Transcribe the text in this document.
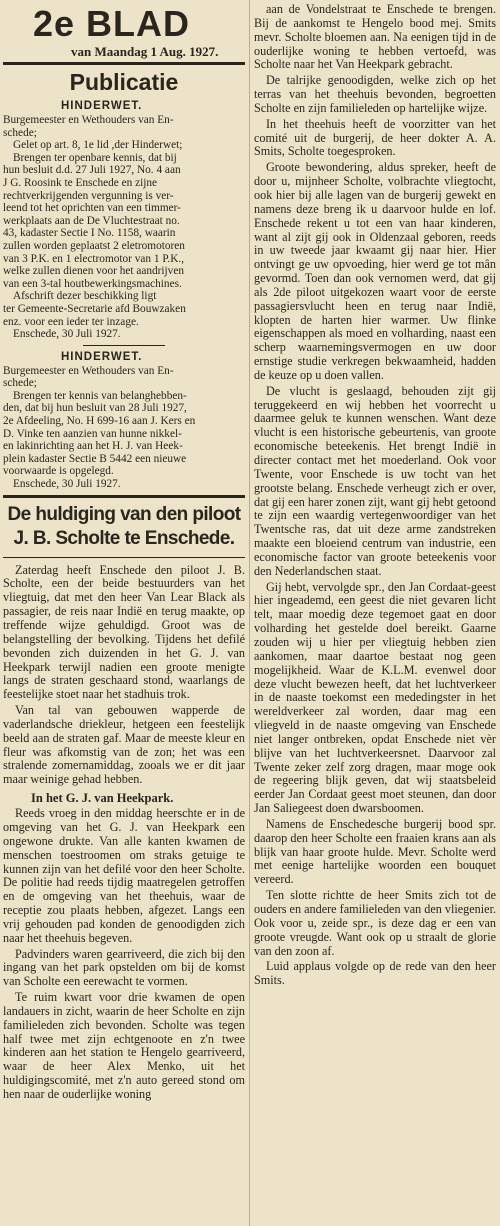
2e BLAD
van Maandag 1 Aug. 1927.
Publicatie
HINDERWET.

Burgemeester en Wethouders van En-

schede;

Gelet op art. 8, 1e lid ,der Hinderwet;

Brengen ter openbare kennis, dat bij

hun besluit d.d. 27 Juli 1927, No. 4 aan

J G. Roosink te Enschede en zijne

rechtverkrijgenden vergunning is ver-

leend tot het oprichten van een timmer-

werkplaats aan de De Vluchtestraat no.

43, kadaster Sectie I No. 1158, waarin

zullen worden geplaatst 2 eletromotoren

van 3 P.K. en 1 electromotor van 1 P.K.,

welke zullen dienen voor het aandrijven

van een 3-tal houtbewerkingsmachines.

Afschrift dezer beschikking ligt

ter Gemeente-Secretarie afd Bouwzaken

enz. voor een ieder ter inzage.

Enschede, 30 Juli 1927.

HINDERWET.

Burgemeester en Wethouders van En-

schede;

Brengen ter kennis van belanghebben-

den, dat bij hun besluit van 28 Juli 1927,

2e Afdeeling, No. H 699-16 aan J. Kers en

D. Vinke ten aanzien van hunne nikkel-

en lakinrichting aan het H. J. van Heek-

plein kadaster Sectie B 5442 een nieuwe

voorwaarde is opgelegd.

Enschede, 30 Juli 1927.

De huldiging van den piloot
J. B. Scholte te Enschede.

Zaterdag heeft Enschede den piloot J. B. Scholte, een der beide bestuurders van het vliegtuig, dat met den heer Van Lear Black als passagier, de reis naar Indië en terug maakte, op treffende wijze gehuldigd. Groot was de belangstelling der bevolking. Tijdens het defilé bevonden zich duizenden in het G. J. van Heekpark terwijl nadien een groote menigte langs de straten geschaard stond, waarlangs de feestelijke stoet naar het stadhuis trok.

Van tal van gebouwen wapperde de vaderlandsche driekleur, hetgeen een feestelijk beeld aan de straten gaf. Maar de meeste kleur en fleur was afkomstig van de zon; het was een stralende zomernamiddag, zooals we er dit jaar maar weinige gehad hebben.

In het G. J. van Heekpark.

Reeds vroeg in den middag heerschte er in de omgeving van het G. J. van Heekpark een ongewone drukte. Van alle kanten kwamen de menschen toestroomen om straks getuige te kunnen zijn van het defilé voor den heer Scholte. De politie had reeds tijdig maatregelen getroffen en de omgeving van het theehuis, waar de receptie zou plaats hebben, afgezet. Langs een vrij gehouden pad konden de genoodigden zich naar het theehuis begeven.

Padvinders waren gearriveerd, die zich bij den ingang van het park opstelden om bij de komst van Scholte een eerewacht te vormen.

Te ruim kwart voor drie kwamen de open landauers in zicht, waarin de heer Scholte en zijn familieleden zich bevonden. Scholte was tegen half twee met zijn echtgenoote en z'n twee kinderen aan het station te Hengelo gearriveerd, waar de heer Alex Menko, uit het huldigingscomité, met z'n auto gereed stond om hen naar de ouderlijke woning

aan de Vondelstraat te Enschede te brengen. Bij de aankomst te Hengelo bood mej. Smits mevr. Scholte bloemen aan. Na eenigen tijd in de ouderlijke woning te hebben vertoefd, was Scholte naar het Van Heekpark gebracht.

De talrijke genoodigden, welke zich op het terras van het theehuis bevonden, begroetten Scholte en zijn familieleden op hartelijke wijze.

In het theehuis heeft de voorzitter van het comité uit de burgerij, de heer dokter A. A. Smits, Scholte toegesproken.

Groote bewondering, aldus spreker, heeft de door u, mijnheer Scholte, volbrachte vliegtocht, ook hier bij alle lagen van de burgerij gewekt en namens deze breng ik u daarvoor hulde en lof. Enschede rekent u tot een van haar kinderen, want al zijt gij ook in Oldenzaal geboren, reeds in uw tweede jaar kwaamt gij naar hier. Hier ontvingt ge uw opvoeding, hier werd ge tot mân gevormd. Toen dan ook vernomen werd, dat gij als 2de piloot uitgekozen waart voor de eerste passagiersvlucht heen en terug naar Indië, klopten de harten hier warmer. Uw flinke eigenschappen als moed en volharding, naast een scherp waarnemingsvermogen en uw door ernstige studie verkregen bekwaamheid, hadden de keuze op u doen vallen.

De vlucht is geslaagd, behouden zijt gij teruggekeerd en wij hebben het voorrecht u daarmee geluk te kunnen wenschen. Want deze vlucht is een historische gebeurtenis, van groote economische beteekenis. Het brengt Indië in directer contact met het moederland. Ook voor Twente, voor Enschede is uw tocht van het grootste belang. Enschede verheugt zich er over, dat gij een harer zonen zijt, want gij hebt getoond te zijn een waardig vertegenwoordiger van het Twentsche ras, dat uit deze arme zandstreken maakte een bloeiend centrum van industrie, een economische factor van groote beteekenis voor den Nederlandschen staat.

Gij hebt, vervolgde spr., den Jan Cordaat-geest hier ingeademd, een geest die niet gevaren licht telt, maar moedig deze tegemoet gaat en door volharding het gestelde doel bereikt. Gaarne zouden wij u hier per vliegtuig hebben zien aankomen, maar daartoe bestaat nog geen mogelijkheid. Waar de K.L.M. evenwel door deze vlucht bewezen heeft, dat het luchtverkeer in de naaste toekomst een mededingster in het wereldverkeer zal worden, daar mag een vliegveld in de naaste omgeving van Enschede niet langer ontbreken, opdat Enschede niet vèr blijve van het luchtverkeersnet. Daarvoor zal Twente zeker zelf zorg dragen, maar moge ook de regeering blijk geven, dat wij staatsbeleid eerder Jan Cordaat geest moet steunen, dan door Jan Saliegeest doen dwarsboomen.

Namens de Enschedesche burgerij bood spr. daarop den heer Scholte een fraaien krans aan als blijk van haar groote hulde. Mevr. Scholte werd met eenige hartelijke woorden een bouquet vereerd.

Ten slotte richtte de heer Smits zich tot de ouders en andere familieleden van den vliegenier. Ook voor u, zeide spr., is deze dag er een van groote vreugde. Want ook op u straalt de glorie van den zoon af.

Luid applaus volgde op de rede van den heer Smits.
